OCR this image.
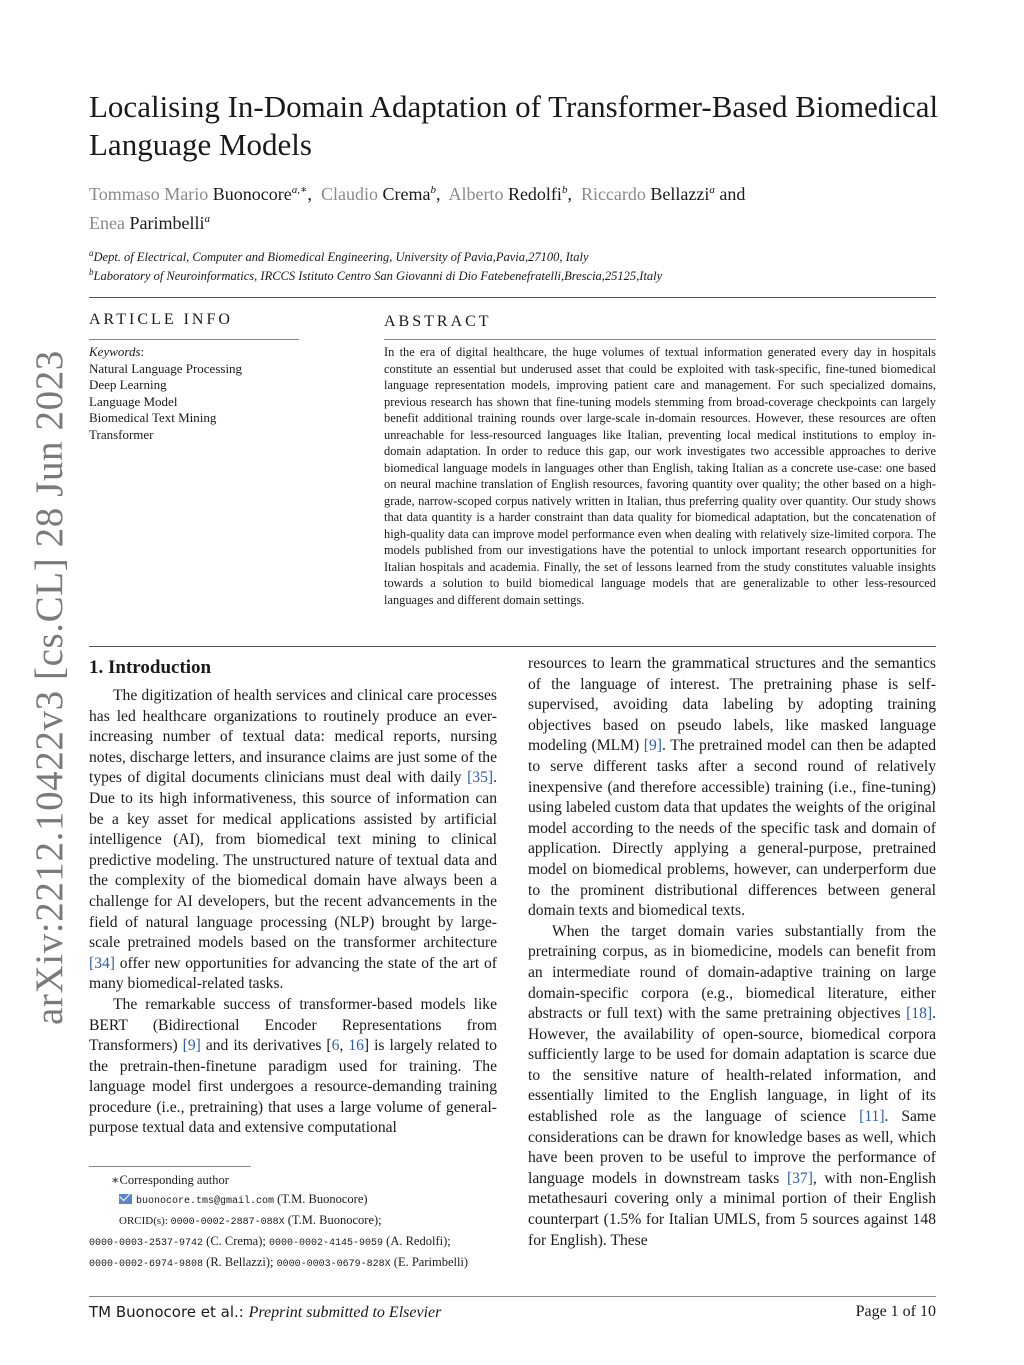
arXiv:2212.10422v3 [cs.CL] 28 Jun 2023
Localising In-Domain Adaptation of Transformer-Based Biomedical
Language Models
Tommaso Mario Buonocore$^{a,∗}$,  Claudio Crema$^b$,  Alberto Redolfi$^b$,  Riccardo Bellazzi$^a$ and
Enea Parimbelli$^a$
$^a$Dept. of Electrical, Computer and Biomedical Engineering, University of Pavia,Pavia,27100, Italy
$^b$Laboratory of Neuroinformatics, IRCCS Istituto Centro San Giovanni di Dio Fatebenefratelli,Brescia,25125,Italy
ARTICLE INFO
Keywords:
Natural Language Processing
Deep Learning
Language Model
Biomedical Text Mining
Transformer
ABSTRACT
In the era of digital healthcare, the huge volumes of textual information generated every day in hospitals constitute an essential but underused asset that could be exploited with task-specific, fine-tuned biomedical language representation models, improving patient care and management. For such specialized domains, previous research has shown that fine-tuning models stemming from broad-coverage checkpoints can largely benefit additional training rounds over large-scale in-domain resources. However, these resources are often unreachable for less-resourced languages like Italian, preventing local medical institutions to employ in-domain adaptation. In order to reduce this gap, our work investigates two accessible approaches to derive biomedical language models in languages other than English, taking Italian as a concrete use-case: one based on neural machine translation of English resources, favoring quantity over quality; the other based on a high-grade, narrow-scoped corpus natively written in Italian, thus preferring quality over quantity. Our study shows that data quantity is a harder constraint than data quality for biomedical adaptation, but the concatenation of high-quality data can improve model performance even when dealing with relatively size-limited corpora. The models published from our investigations have the potential to unlock important research opportunities for Italian hospitals and academia. Finally, the set of lessons learned from the study constitutes valuable insights towards a solution to build biomedical language models that are generalizable to other less-resourced languages and different domain settings.
1. Introduction

The digitization of health services and clinical care processes has led healthcare organizations to routinely produce an ever-increasing number of textual data: medical reports, nursing notes, discharge letters, and insurance claims are just some of the types of digital documents clinicians must deal with daily [35]. Due to its high informativeness, this source of information can be a key asset for medical applications assisted by artificial intelligence (AI), from biomedical text mining to clinical predictive modeling. The unstructured nature of textual data and the complexity of the biomedical domain have always been a challenge for AI developers, but the recent advancements in the field of natural language processing (NLP) brought by large-scale pretrained models based on the transformer architecture [34] offer new opportunities for advancing the state of the art of many biomedical-related tasks.

The remarkable success of transformer-based models like BERT (Bidirectional Encoder Representations from Transformers) [9] and its derivatives [6, 16] is largely related to the pretrain-then-finetune paradigm used for training. The language model first undergoes a resource-demanding training procedure (i.e., pretraining) that uses a large volume of general-purpose textual data and extensive computational

resources to learn the grammatical structures and the semantics of the language of interest. The pretraining phase is self-supervised, avoiding data labeling by adopting training objectives based on pseudo labels, like masked language modeling (MLM) [9]. The pretrained model can then be adapted to serve different tasks after a second round of relatively inexpensive (and therefore accessible) training (i.e., fine-tuning) using labeled custom data that updates the weights of the original model according to the needs of the specific task and domain of application. Directly applying a general-purpose, pretrained model on biomedical problems, however, can underperform due to the prominent distributional differences between general domain texts and biomedical texts.

When the target domain varies substantially from the pretraining corpus, as in biomedicine, models can benefit from an intermediate round of domain-adaptive training on large domain-specific corpora (e.g., biomedical literature, either abstracts or full text) with the same pretraining objectives [18]. However, the availability of open-source, biomedical corpora sufficiently large to be used for domain adaptation is scarce due to the sensitive nature of health-related information, and essentially limited to the English language, in light of its established role as the language of science [11]. Same considerations can be drawn for knowledge bases as well, which have been proven to be useful to improve the performance of language models in downstream tasks [37], with non-English metathesauri covering only a minimal portion of their English counterpart (1.5% for Italian UMLS, from 5 sources against 148 for English). These

∗Corresponding author
buonocore.tms@gmail.com (T.M. Buonocore)
ORCID(s): 0000-0002-2887-088X (T.M. Buonocore);
0000-0003-2537-9742 (C. Crema); 0000-0002-4145-9059 (A. Redolfi);
0000-0002-6974-9808 (R. Bellazzi); 0000-0003-0679-828X (E. Parimbelli)
TM Buonocore et al.: Preprint submitted to Elsevier	Page 1 of 10
